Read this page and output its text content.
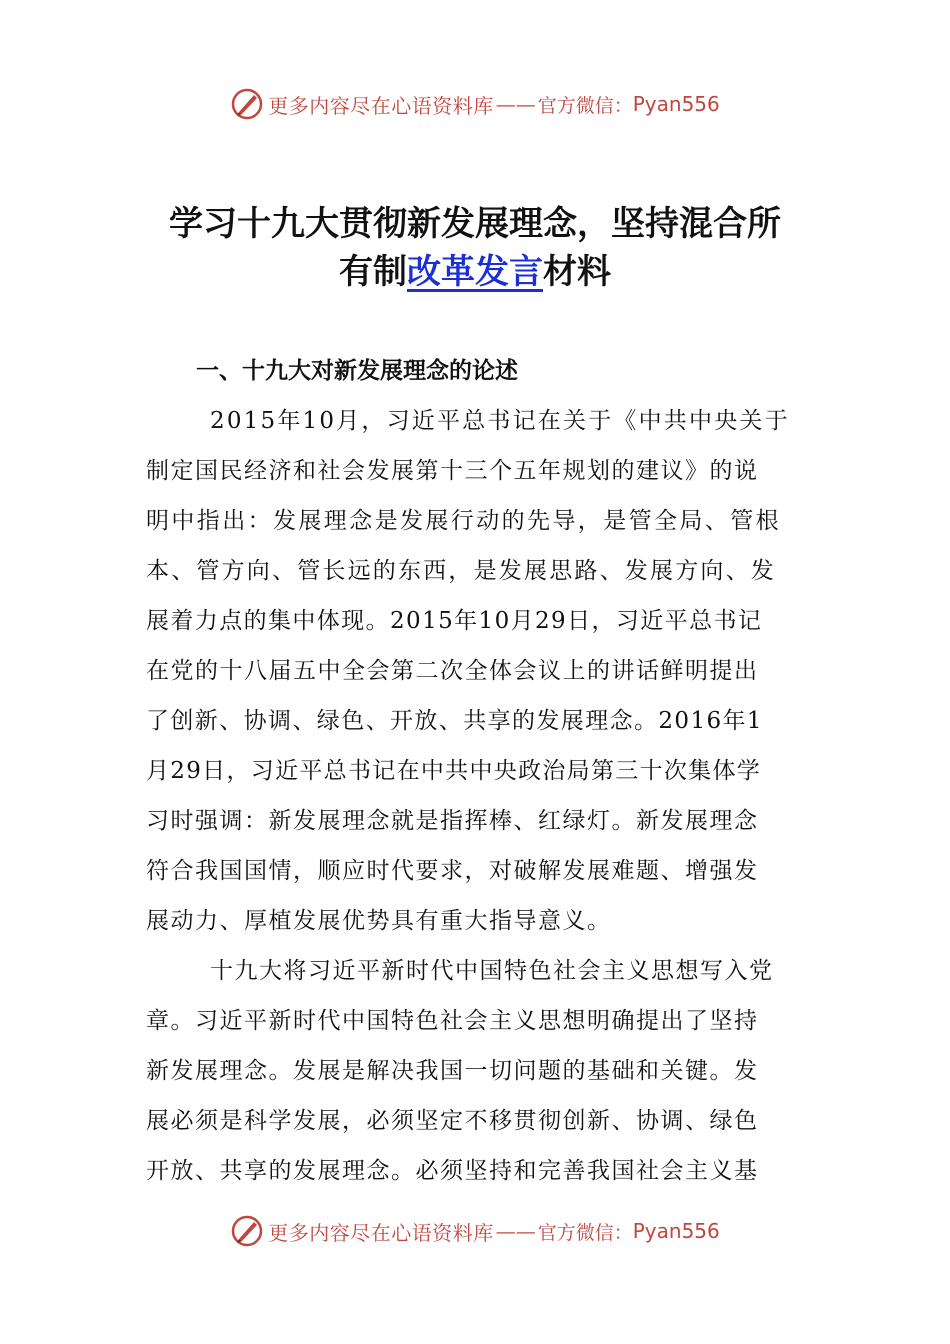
更多内容尽在心语资料库 —— 官方微信： Pyan556
学习十九大贯彻新发展理念，坚持混合所
有制改革发言材料
一、十九大对新发展理念的论述
2015年10月，习近平总书记在关于《中共中央关于
制定国民经济和社会发展第十三个五年规划的建议》的说
明中指出：发展理念是发展行动的先导，是管全局、管根
本、管方向、管长远的东西，是发展思路、发展方向、发
展着力点的集中体现。2015年10月29日，习近平总书记
在党的十八届五中全会第二次全体会议上的讲话鲜明提出
了创新、协调、绿色、开放、共享的发展理念。2016年1
月29日，习近平总书记在中共中央政治局第三十次集体学
习时强调：新发展理念就是指挥棒、红绿灯。新发展理念
符合我国国情，顺应时代要求，对破解发展难题、增强发
展动力、厚植发展优势具有重大指导意义。
十九大将习近平新时代中国特色社会主义思想写入党
章。习近平新时代中国特色社会主义思想明确提出了坚持
新发展理念。发展是解决我国一切问题的基础和关键。发
展必须是科学发展，必须坚定不移贯彻创新、协调、绿色
开放、共享的发展理念。必须坚持和完善我国社会主义基
更多内容尽在心语资料库 —— 官方微信： Pyan556
